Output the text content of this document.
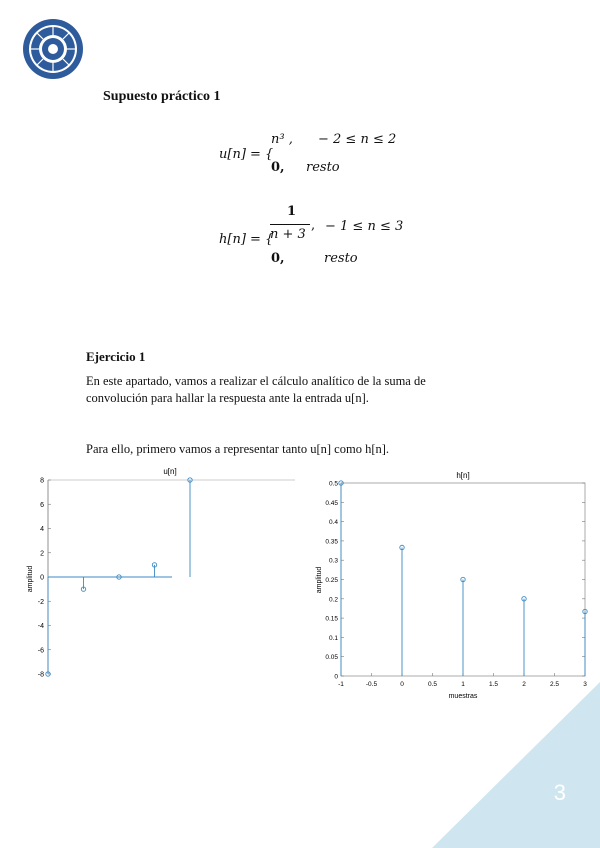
Supuesto práctico 1
u[n] = {
n³ , − 2 ≤ n ≤ 2
0, resto
h[n] = {
1
n + 3
, − 1 ≤ n ≤ 3
0,	resto
Ejercicio 1
En este apartado, vamos a realizar el cálculo analítico de la suma de
convolución para hallar la respuesta ante la entrada u[n].
Para ello, primero vamos a representar tanto u[n] como h[n].
u[n]
8
6
4
2
0
-2
-4
-6
-8
amplitud
h[n]
0.5
0.45
0.4
0.35
0.3
0.25
0.2
0.15
0.1
0.05
0
-1	-0.5	0	0.5	1	1.5	2	2.5	3
amplitud
muestras
3
